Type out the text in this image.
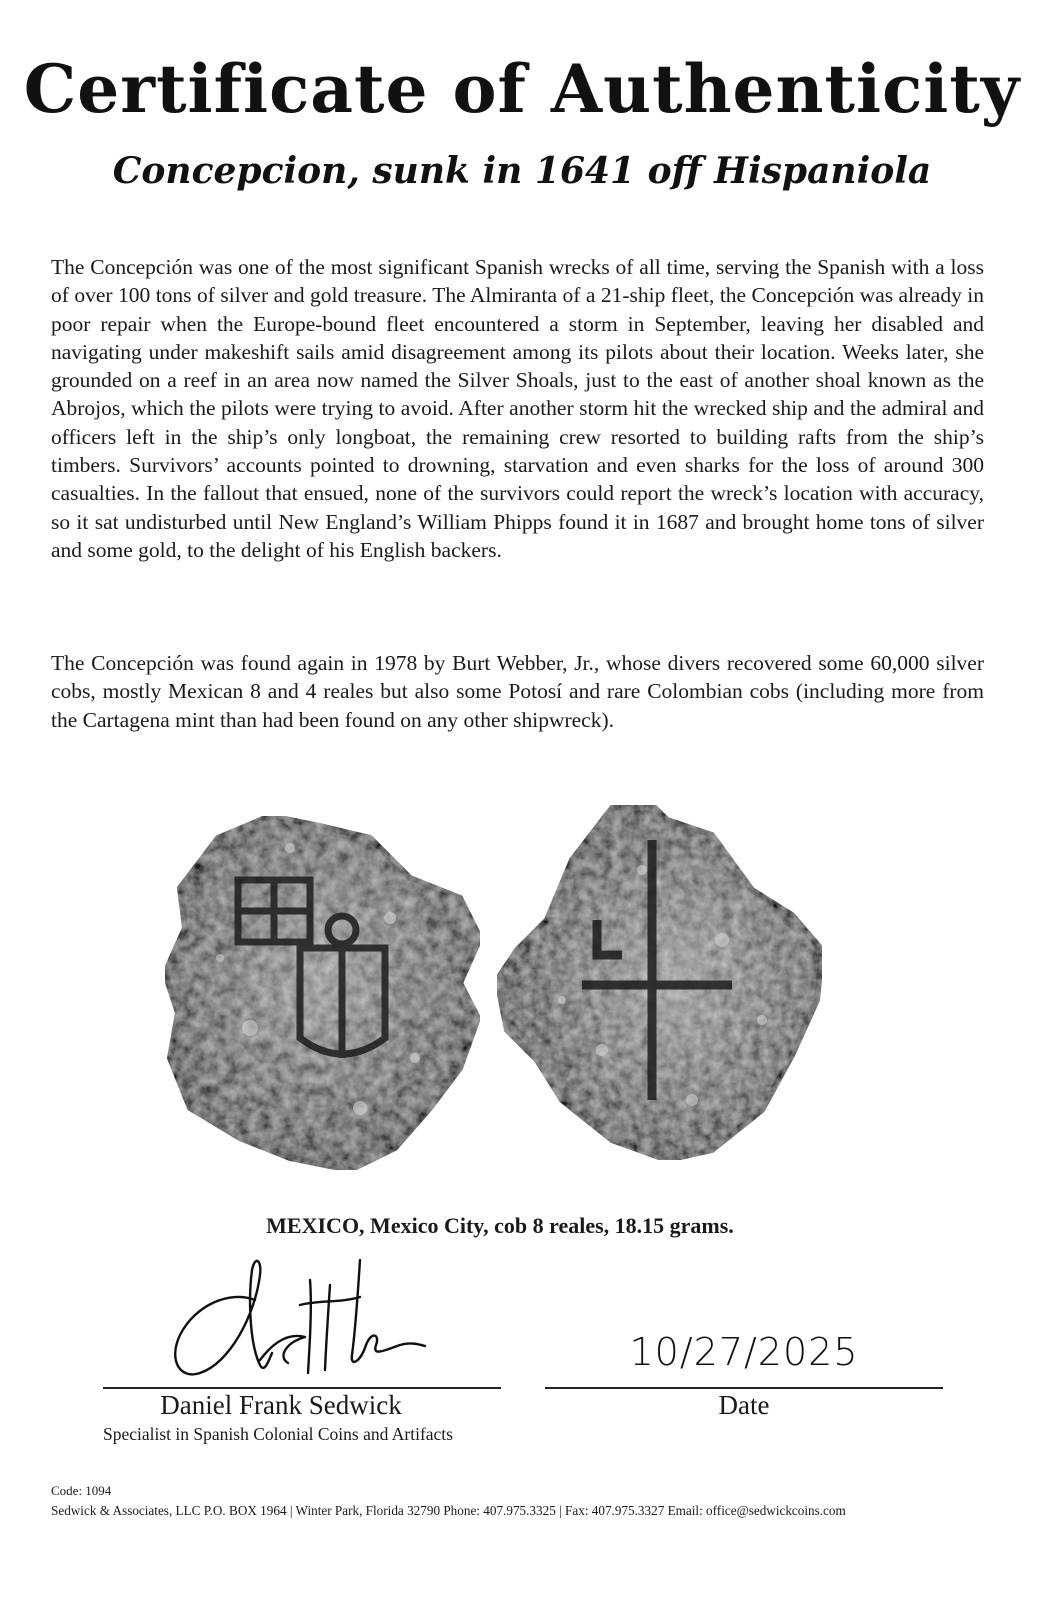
Certificate of Authenticity
Concepcion, sunk in 1641 off Hispaniola
The Concepción was one of the most significant Spanish wrecks of all time, serving the Spanish with a loss of over 100 tons of silver and gold treasure. The Almiranta of a 21-ship fleet, the Concepción was already in poor repair when the Europe-bound fleet encountered a storm in September, leaving her disabled and navigating under makeshift sails amid disagreement among its pilots about their location. Weeks later, she grounded on a reef in an area now named the Silver Shoals, just to the east of another shoal known as the Abrojos, which the pilots were trying to avoid. After another storm hit the wrecked ship and the admiral and officers left in the ship’s only longboat, the remaining crew resorted to building rafts from the ship’s timbers. Survivors’ accounts pointed to drowning, starvation and even sharks for the loss of around 300 casualties. In the fallout that ensued, none of the survivors could report the wreck’s location with accuracy, so it sat undisturbed until New England’s William Phipps found it in 1687 and brought home tons of silver and some gold, to the delight of his English backers.
The Concepción was found again in 1978 by Burt Webber, Jr., whose divers recovered some 60,000 silver cobs, mostly Mexican 8 and 4 reales but also some Potosí and rare Colombian cobs (including more from the Cartagena mint than had been found on any other shipwreck).
MEXICO, Mexico City, cob 8 reales, 18.15 grams.
10/27/2025
Daniel Frank Sedwick
Specialist in Spanish Colonial Coins and Artifacts
Date
Code: 1094
Sedwick & Associates, LLC P.O. BOX 1964 | Winter Park, Florida 32790 Phone: 407.975.3325 | Fax: 407.975.3327 Email: office@sedwickcoins.com
